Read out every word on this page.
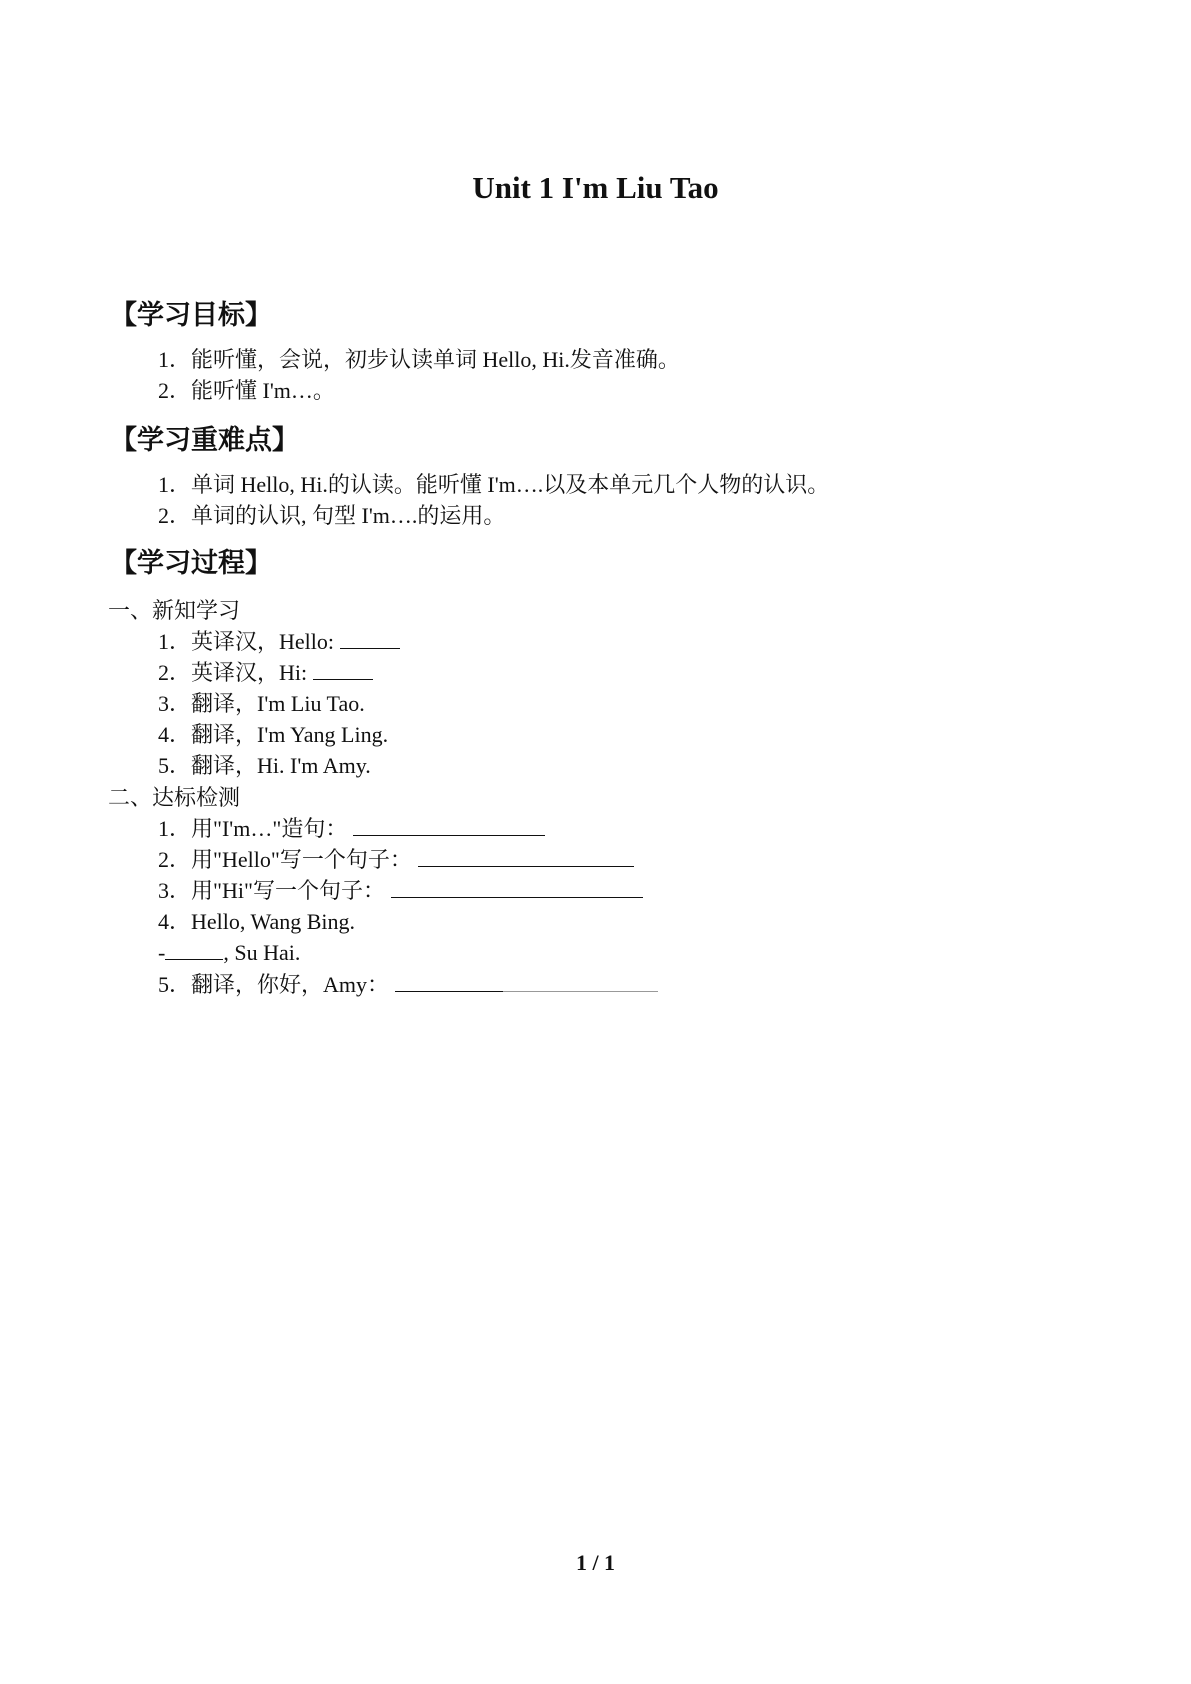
Unit 1 I'm Liu Tao
【学习目标】
1．能听懂，会说，初步认读单词 Hello, Hi.发音准确。
2．能听懂 I'm…。
【学习重难点】
1．单词 Hello, Hi.的认读。能听懂 I'm….以及本单元几个人物的认识。
2．单词的认识, 句型 I'm….的运用。
【学习过程】
一、新知学习
1．英译汉，Hello:
2．英译汉，Hi:
3．翻译，I'm Liu Tao.
4．翻译，I'm Yang Ling.
5．翻译，Hi. I'm Amy.
二、达标检测
1．用"I'm…"造句：
2．用"Hello"写一个句子：
3．用"Hi"写一个句子：
4．Hello, Wang Bing.
-	, Su Hai.
5．翻译，你好，Amy：
1 / 1
